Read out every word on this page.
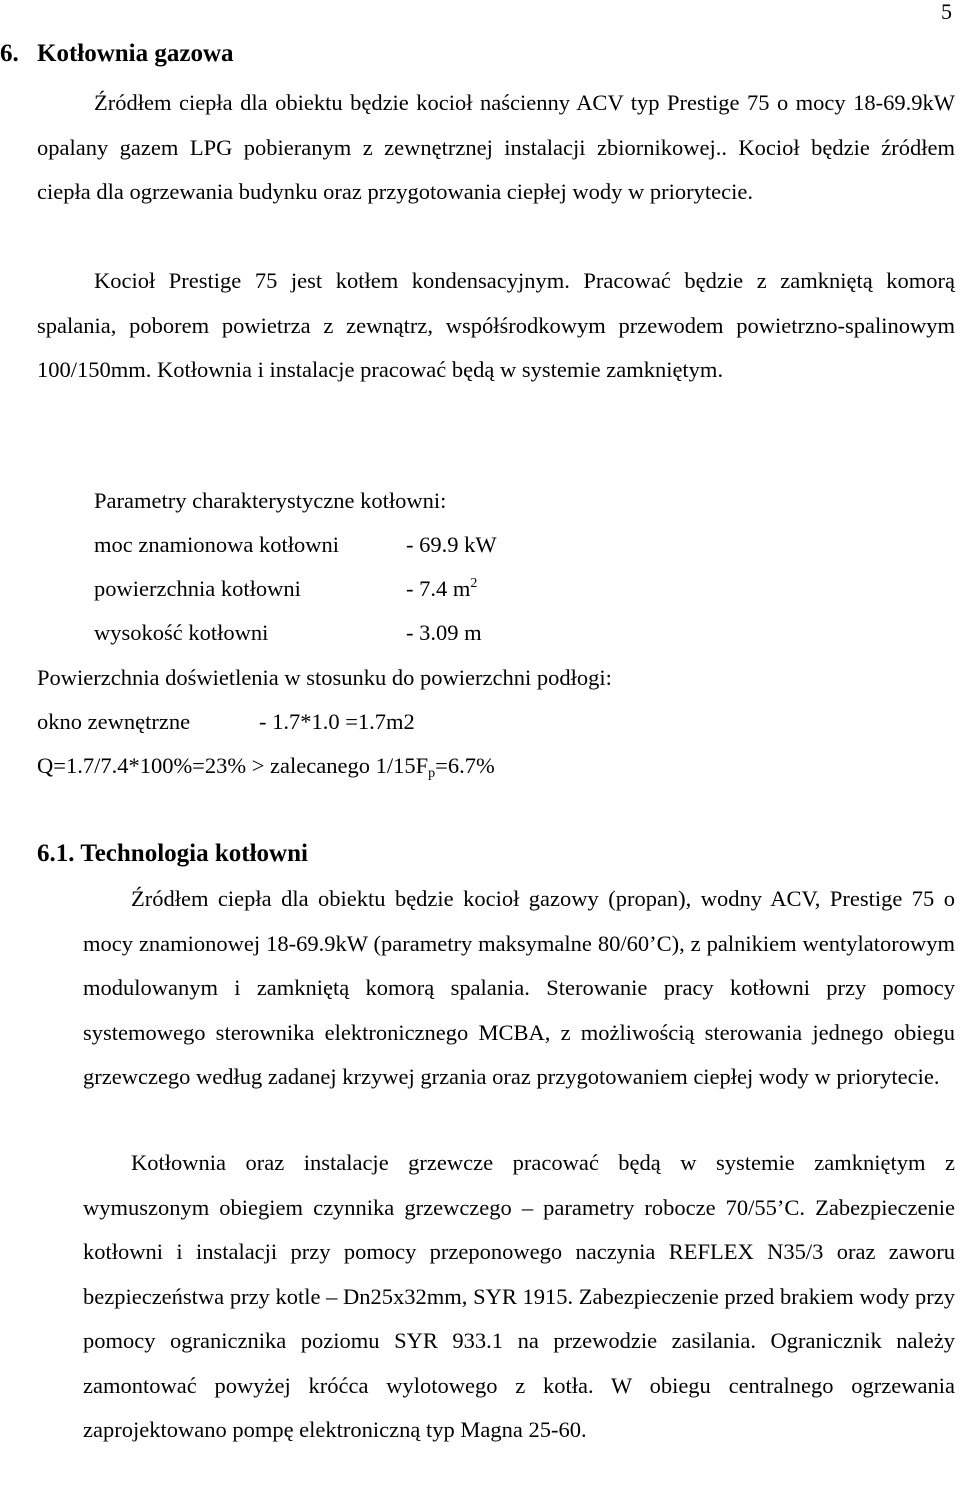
5
6. Kotłownia gazowa

Źródłem ciepła dla obiektu będzie kocioł naścienny ACV typ Prestige 75 o mocy 18-69.9kW opalany gazem LPG pobieranym z zewnętrznej instalacji zbiornikowej.. Kocioł będzie źródłem ciepła dla ogrzewania budynku oraz przygotowania ciepłej wody w priorytecie.

Kocioł Prestige 75 jest kotłem kondensacyjnym. Pracować będzie z zamkniętą komorą spalania, poborem powietrza z zewnątrz, współśrodkowym przewodem powietrzno-spalinowym 100/150mm. Kotłownia i instalacje pracować będą w systemie zamkniętym.

Parametry charakterystyczne kotłowni:
moc znamionowa kotłowni	- 69.9 kW
powierzchnia kotłowni	- 7.4 $m^2$
wysokość kotłowni	- 3.09 m
Powierzchnia doświetlenia w stosunku do powierzchni podłogi:
okno zewnętrzne	- 1.7*1.0 =1.7m2
Q=1.7/7.4*100%=23% > zalecanego $1/15F_p=6.7\%$
6.1. Technologia kotłowni

Źródłem ciepła dla obiektu będzie kocioł gazowy (propan), wodny ACV, Prestige 75 o mocy znamionowej 18-69.9kW (parametry maksymalne 80/60’C), z palnikiem wentylatorowym modulowanym i zamkniętą komorą spalania. Sterowanie pracy kotłowni przy pomocy systemowego sterownika elektronicznego MCBA, z możliwością sterowania jednego obiegu grzewczego według zadanej krzywej grzania oraz przygotowaniem ciepłej wody w priorytecie.

Kotłownia oraz instalacje grzewcze pracować będą w systemie zamkniętym z wymuszonym obiegiem czynnika grzewczego – parametry robocze 70/55’C. Zabezpieczenie kotłowni i instalacji przy pomocy przeponowego naczynia REFLEX N35/3 oraz zaworu bezpieczeństwa przy kotle – Dn25x32mm, SYR 1915. Zabezpieczenie przed brakiem wody przy pomocy ogranicznika poziomu SYR 933.1 na przewodzie zasilania. Ogranicznik należy zamontować powyżej króćca wylotowego z kotła. W obiegu centralnego ogrzewania zaprojektowano pompę elektroniczną typ Magna 25-60.
